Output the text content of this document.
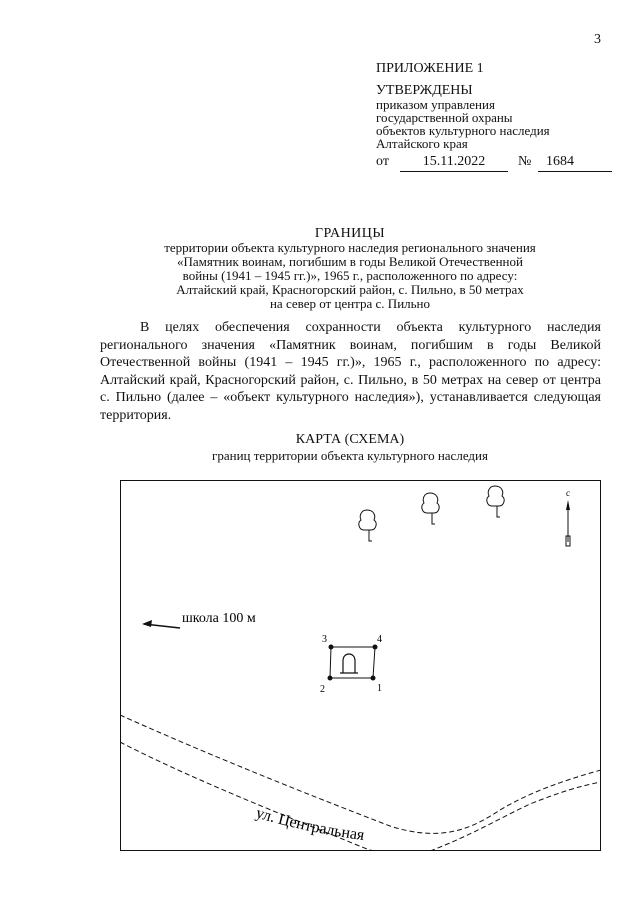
3
ПРИЛОЖЕНИЕ 1
УТВЕРЖДЕНЫ
приказом управления
государственной охраны
объектов культурного наследия
Алтайского края
от	15.11.2022	№	1684
ГРАНИЦЫ
территории объекта культурного наследия регионального значения
«Памятник воинам, погибшим в годы Великой Отечественной
войны (1941 – 1945 гг.)», 1965 г., расположенного по адресу:
Алтайский край, Красногорский район, с. Пильно, в 50 метрах
на север от центра с. Пильно
В целях обеспечения сохранности объекта культурного наследия регионального значения «Памятник воинам, погибшим в годы Великой Отечественной войны (1941 – 1945 гг.)», 1965 г., расположенного по адресу: Алтайский край, Красногорский район, с. Пильно, в 50 метрах на север от центра с. Пильно (далее – «объект культурного наследия»), устанавливается следующая территория.
КАРТА (СХЕМА)
границ территории объекта культурного наследия
с
школа 100 м
1
2
3	4
ул. Центральная
